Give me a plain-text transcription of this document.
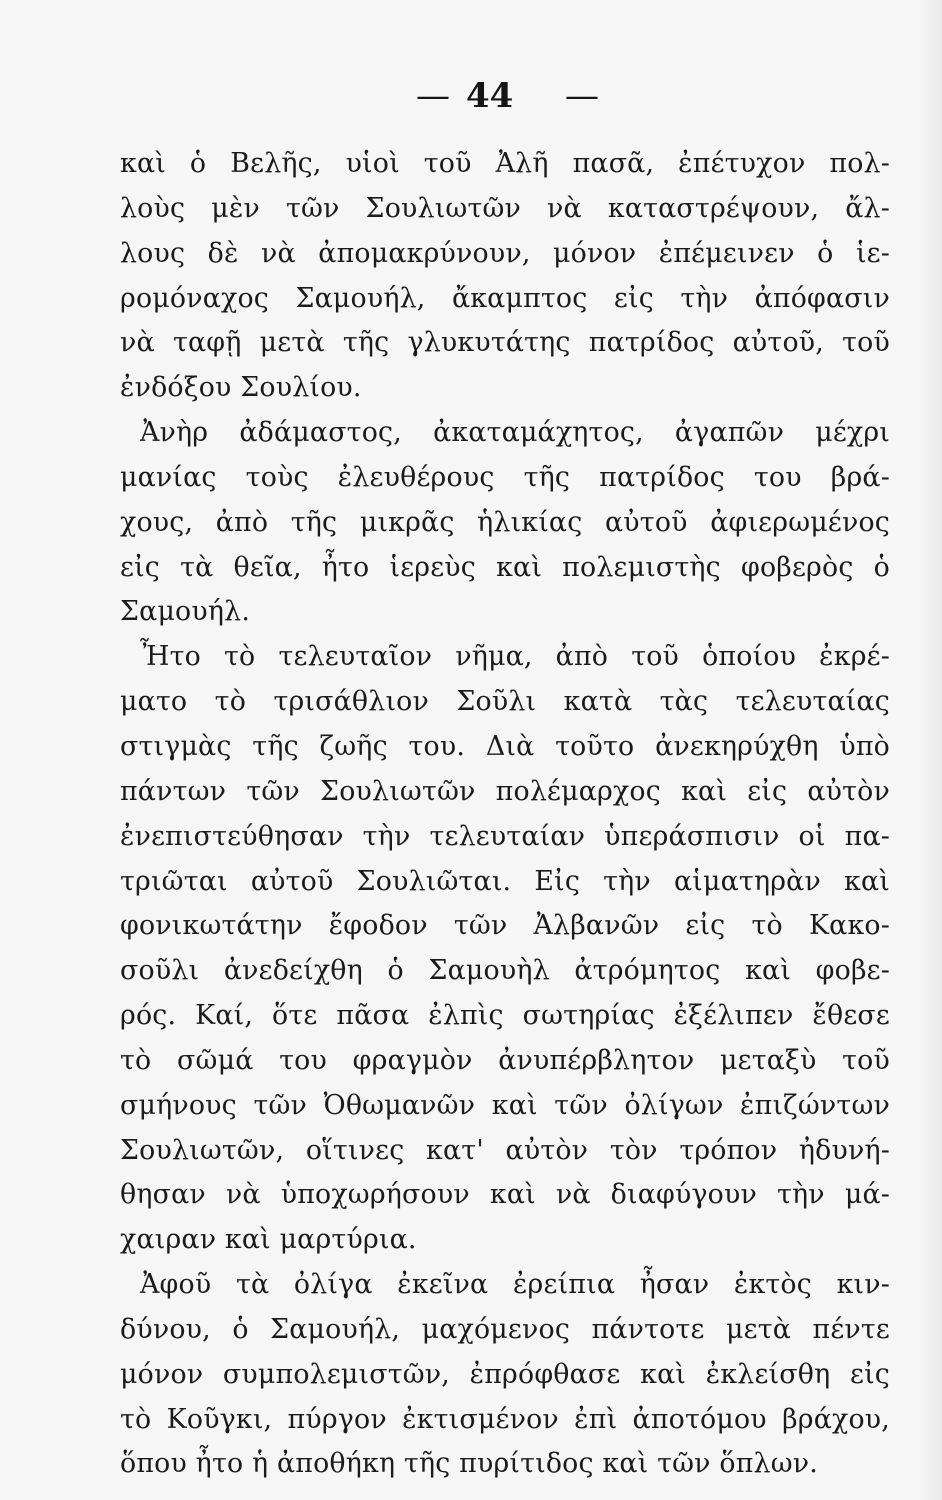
— 44 —
καὶ ὁ Βελῆς, υἱοὶ τοῦ Ἀλῆ πασᾶ, ἐπέτυχον πολ-
λοὺς μὲν τῶν Σουλιωτῶν νὰ καταστρέψουν, ἄλ-
λους δὲ νὰ ἀπομακρύνουν, μόνον ἐπέμεινεν ὁ ἱε-
ρομόναχος Σαμουήλ, ἄκαμπτος εἰς τὴν ἀπόφασιν
νὰ ταφῇ μετὰ τῆς γλυκυτάτης πατρίδος αὐτοῦ, τοῦ
ἐνδόξου Σουλίου.
Ἀνὴρ ἀδάμαστος, ἀκαταμάχητος, ἀγαπῶν μέχρι
μανίας τοὺς ἐλευθέρους τῆς πατρίδος του βρά-
χους, ἀπὸ τῆς μικρᾶς ἡλικίας αὐτοῦ ἀφιερωμένος
εἰς τὰ θεῖα, ἦτο ἱερεὺς καὶ πολεμιστὴς φοβερὸς ὁ
Σαμουήλ.
Ἦτο τὸ τελευταῖον νῆμα, ἀπὸ τοῦ ὁποίου ἐκρέ-
ματο τὸ τρισάθλιον Σοῦλι κατὰ τὰς τελευταίας
στιγμὰς τῆς ζωῆς του. Διὰ τοῦτο ἀνεκηρύχθη ὑπὸ
πάντων τῶν Σουλιωτῶν πολέμαρχος καὶ εἰς αὐτὸν
ἐνεπιστεύθησαν τὴν τελευταίαν ὑπεράσπισιν οἱ πα-
τριῶται αὐτοῦ Σουλιῶται. Εἰς τὴν αἱματηρὰν καὶ
φονικωτάτην ἔφοδον τῶν Ἀλβανῶν εἰς τὸ Κακο-
σοῦλι ἀνεδείχθη ὁ Σαμουὴλ ἀτρόμητος καὶ φοβε-
ρός. Καί, ὅτε πᾶσα ἐλπὶς σωτηρίας ἐξέλιπεν ἔθεσε
τὸ σῶμά του φραγμὸν ἀνυπέρβλητον μεταξὺ τοῦ
σμήνους τῶν Ὀθωμανῶν καὶ τῶν ὀλίγων ἐπιζώντων
Σουλιωτῶν, οἵτινες κατ' αὐτὸν τὸν τρόπον ἠδυνή-
θησαν νὰ ὑποχωρήσουν καὶ νὰ διαφύγουν τὴν μά-
χαιραν καὶ μαρτύρια.
Ἀφοῦ τὰ ὀλίγα ἐκεῖνα ἐρείπια ἦσαν ἐκτὸς κιν-
δύνου, ὁ Σαμουήλ, μαχόμενος πάντοτε μετὰ πέντε
μόνον συμπολεμιστῶν, ἐπρόφθασε καὶ ἐκλείσθη εἰς
τὸ Κοῦγκι, πύργον ἐκτισμένον ἐπὶ ἀποτόμου βράχου,
ὅπου ἦτο ἡ ἀποθήκη τῆς πυρίτιδος καὶ τῶν ὅπλων.
